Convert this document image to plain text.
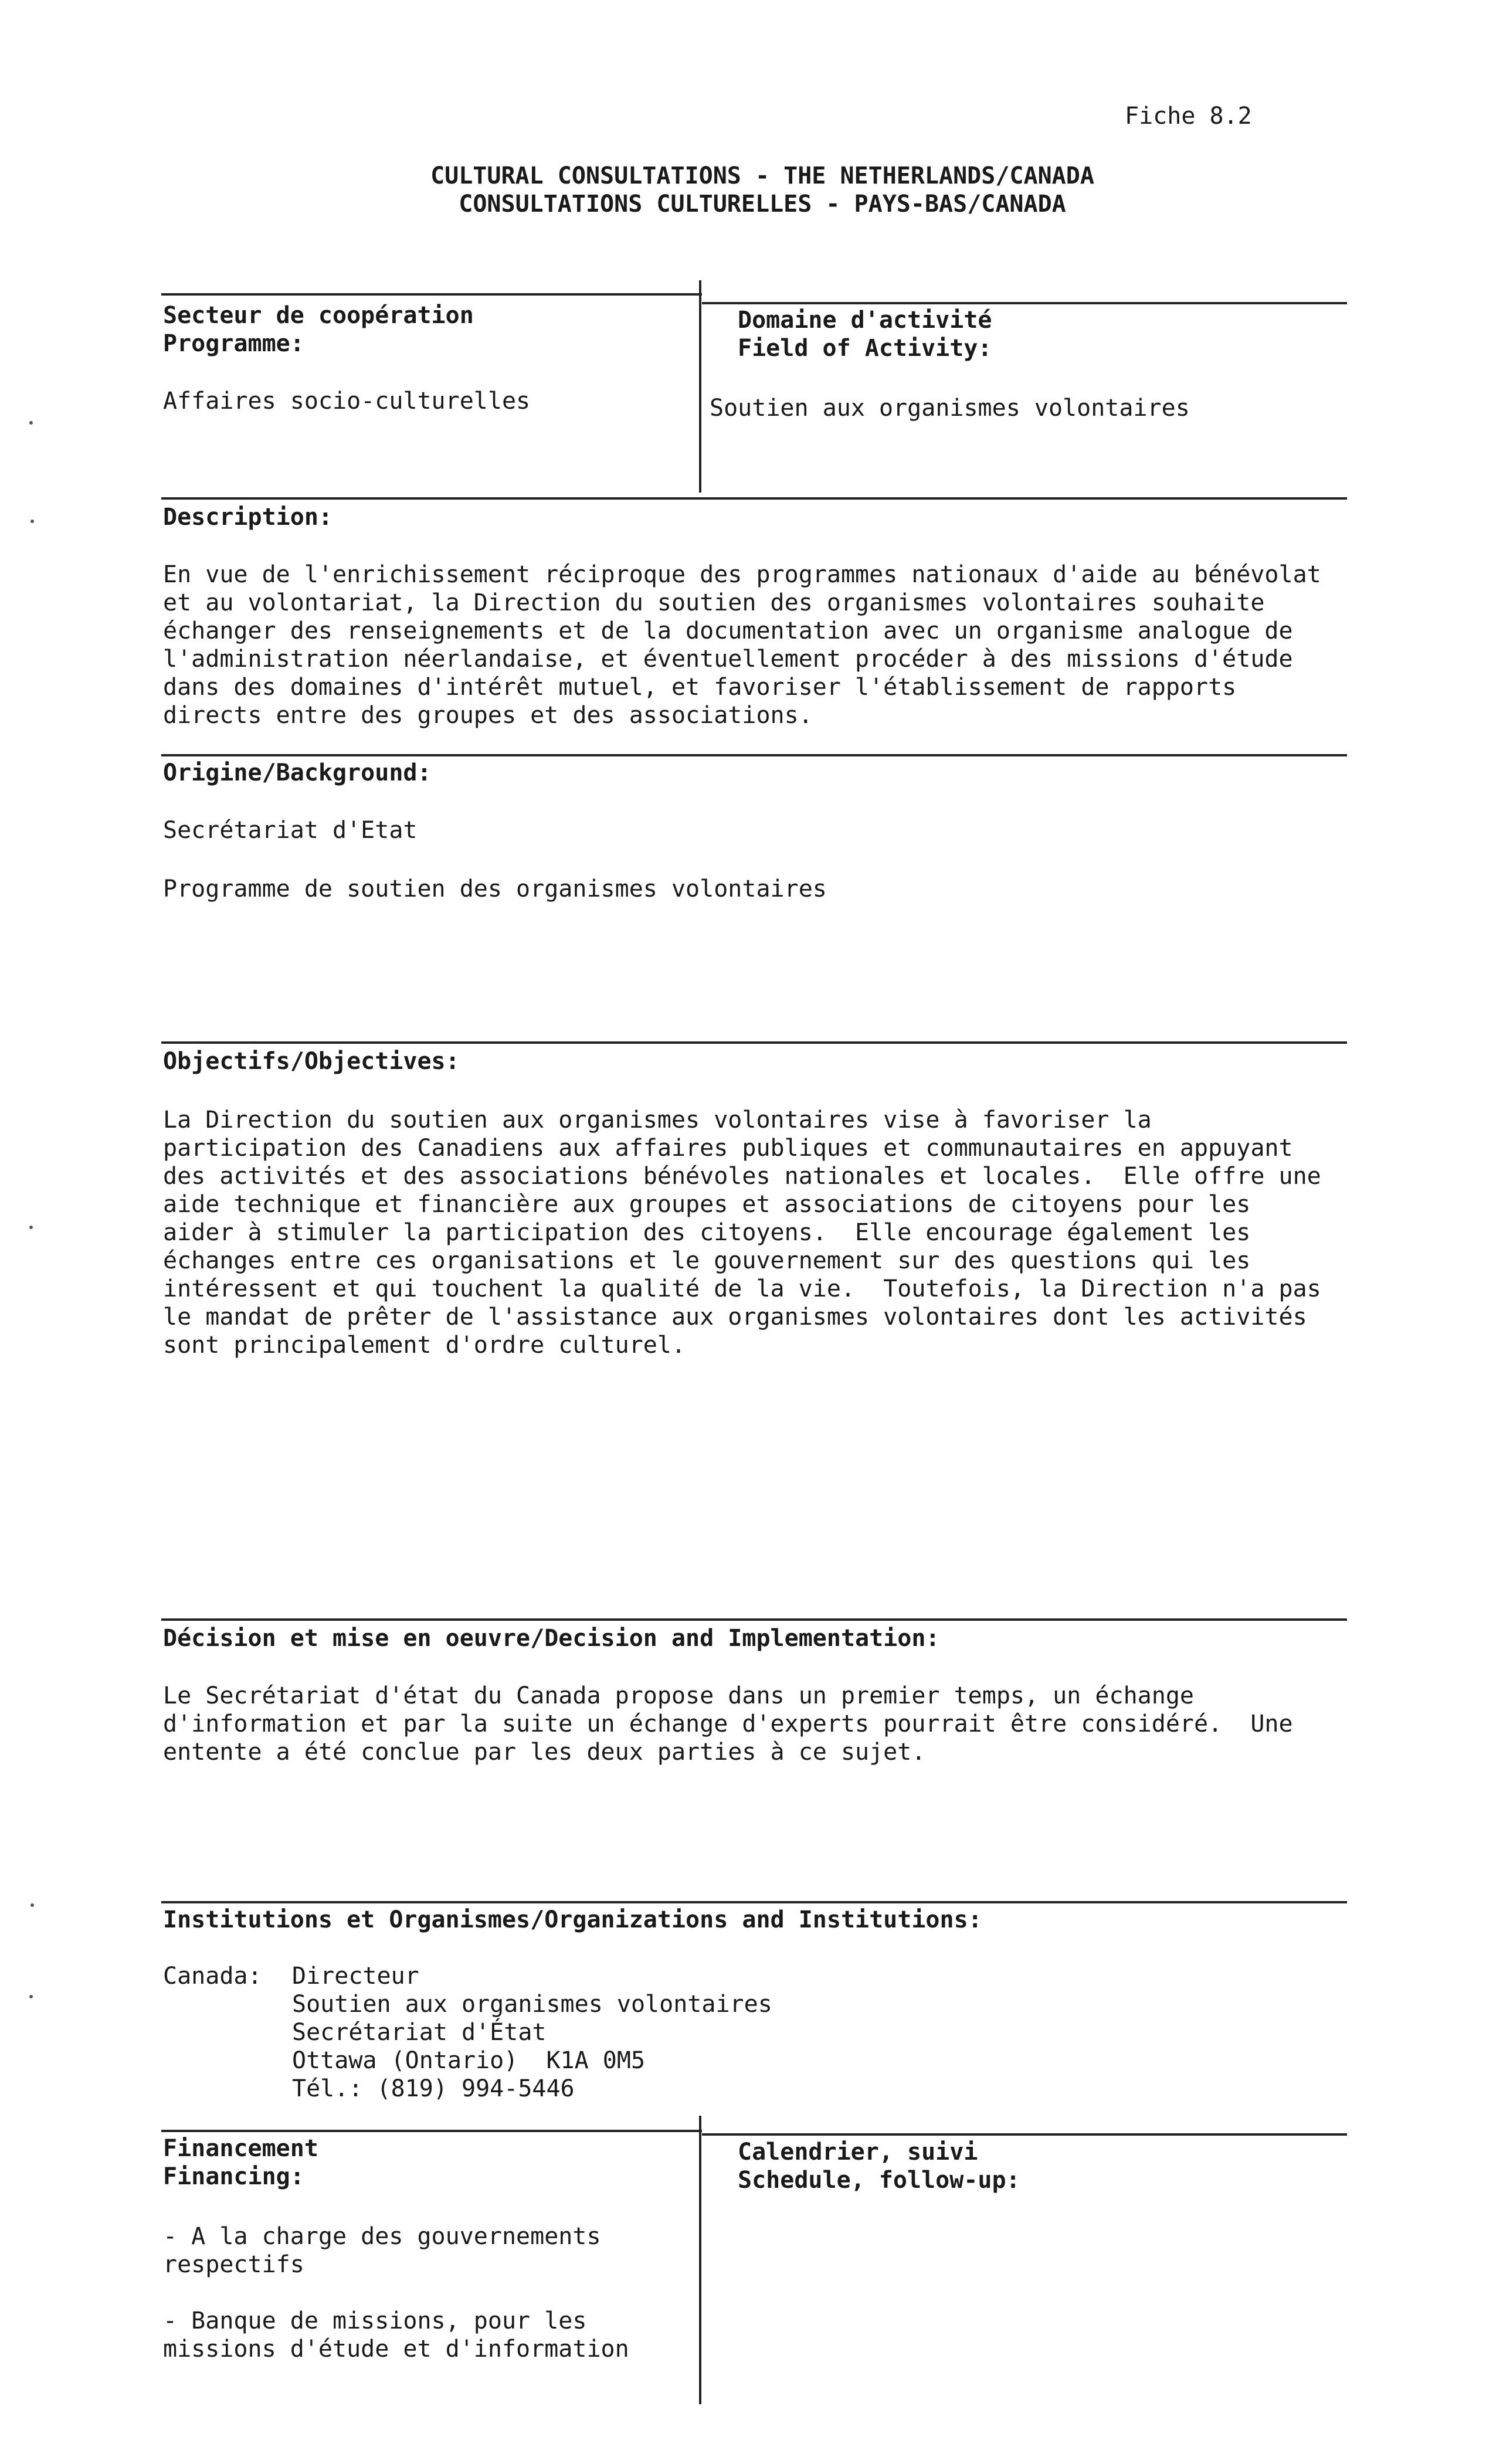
Fiche 8.2
CULTURAL CONSULTATIONS - THE NETHERLANDS/CANADA
CONSULTATIONS CULTURELLES - PAYS-BAS/CANADA
Secteur de coopération
Programme:
Affaires socio-culturelles
Domaine d'activité
Field of Activity:
Soutien aux organismes volontaires
Description:
En vue de l'enrichissement réciproque des programmes nationaux d'aide au bénévolat
et au volontariat, la Direction du soutien des organismes volontaires souhaite
échanger des renseignements et de la documentation avec un organisme analogue de
l'administration néerlandaise, et éventuellement procéder à des missions d'étude
dans des domaines d'intérêt mutuel, et favoriser l'établissement de rapports
directs entre des groupes et des associations.
Origine/Background:
Secrétariat d'Etat
Programme de soutien des organismes volontaires
Objectifs/Objectives:
La Direction du soutien aux organismes volontaires vise à favoriser la
participation des Canadiens aux affaires publiques et communautaires en appuyant
des activités et des associations bénévoles nationales et locales.  Elle offre une
aide technique et financière aux groupes et associations de citoyens pour les
aider à stimuler la participation des citoyens.  Elle encourage également les
échanges entre ces organisations et le gouvernement sur des questions qui les
intéressent et qui touchent la qualité de la vie.  Toutefois, la Direction n'a pas
le mandat de prêter de l'assistance aux organismes volontaires dont les activités
sont principalement d'ordre culturel.
Décision et mise en oeuvre/Decision and Implementation:
Le Secrétariat d'état du Canada propose dans un premier temps, un échange
d'information et par la suite un échange d'experts pourrait être considéré.  Une
entente a été conclue par les deux parties à ce sujet.
Institutions et Organismes/Organizations and Institutions:
Canada: Directeur
Soutien aux organismes volontaires
Secrétariat d'État
Ottawa (Ontario)  K1A 0M5
Tél.: (819) 994-5446
Financement
Financing:
- A la charge des gouvernements
respectifs
- Banque de missions, pour les
missions d'étude et d'information
Calendrier, suivi
Schedule, follow-up:
